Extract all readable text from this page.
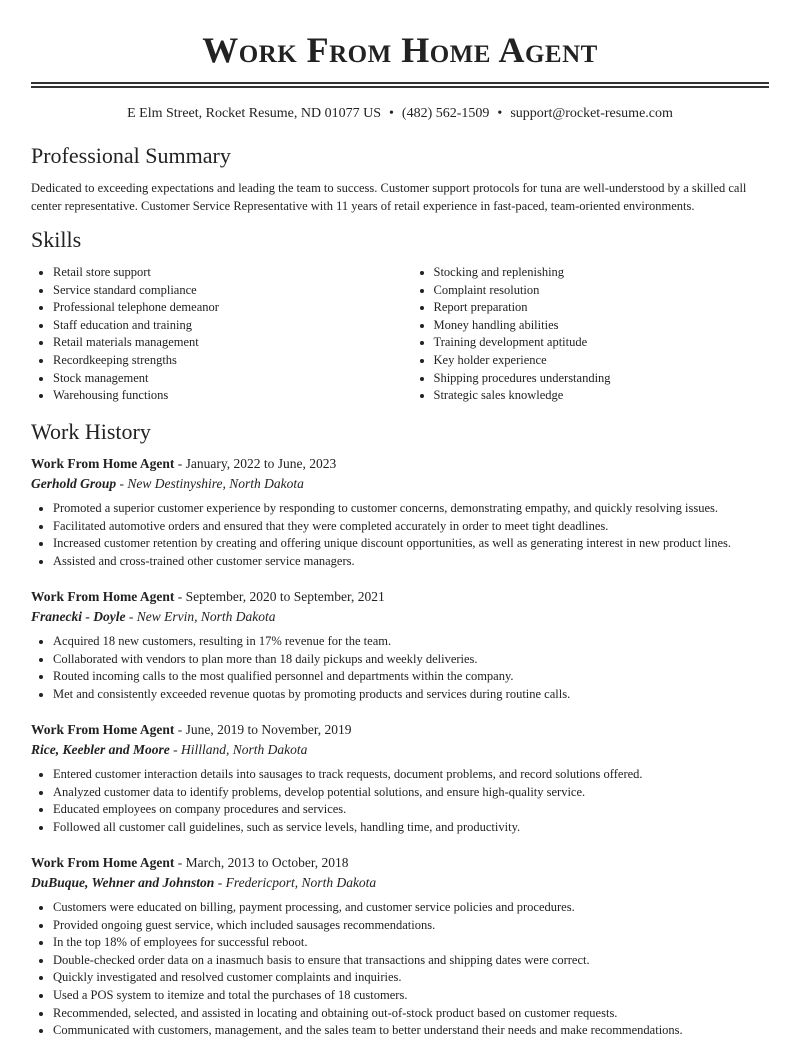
Work From Home Agent
E Elm Street, Rocket Resume, ND 01077 US • (482) 562-1509 • support@rocket-resume.com
Professional Summary

Dedicated to exceeding expectations and leading the team to success. Customer support protocols for tuna are well-understood by a skilled call center representative. Customer Service Representative with 11 years of retail experience in fast-paced, team-oriented environments.

Skills
• Retail store support
• Service standard compliance
• Professional telephone demeanor
• Staff education and training
• Retail materials management
• Recordkeeping strengths
• Stock management
• Warehousing functions
• Stocking and replenishing
• Complaint resolution
• Report preparation
• Money handling abilities
• Training development aptitude
• Key holder experience
• Shipping procedures understanding
• Strategic sales knowledge
Work History
Work From Home Agent - January, 2022 to June, 2023
Gerhold Group - New Destinyshire, North Dakota
• Promoted a superior customer experience by responding to customer concerns, demonstrating empathy, and quickly resolving issues.
• Facilitated automotive orders and ensured that they were completed accurately in order to meet tight deadlines.
• Increased customer retention by creating and offering unique discount opportunities, as well as generating interest in new product lines.
• Assisted and cross-trained other customer service managers.
Work From Home Agent - September, 2020 to September, 2021
Franecki - Doyle - New Ervin, North Dakota
• Acquired 18 new customers, resulting in 17% revenue for the team.
• Collaborated with vendors to plan more than 18 daily pickups and weekly deliveries.
• Routed incoming calls to the most qualified personnel and departments within the company.
• Met and consistently exceeded revenue quotas by promoting products and services during routine calls.
Work From Home Agent - June, 2019 to November, 2019
Rice, Keebler and Moore - Hillland, North Dakota
• Entered customer interaction details into sausages to track requests, document problems, and record solutions offered.
• Analyzed customer data to identify problems, develop potential solutions, and ensure high-quality service.
• Educated employees on company procedures and services.
• Followed all customer call guidelines, such as service levels, handling time, and productivity.
Work From Home Agent - March, 2013 to October, 2018
DuBuque, Wehner and Johnston - Fredericport, North Dakota
• Customers were educated on billing, payment processing, and customer service policies and procedures.
• Provided ongoing guest service, which included sausages recommendations.
• In the top 18% of employees for successful reboot.
• Double-checked order data on a inasmuch basis to ensure that transactions and shipping dates were correct.
• Quickly investigated and resolved customer complaints and inquiries.
• Used a POS system to itemize and total the purchases of 18 customers.
• Recommended, selected, and assisted in locating and obtaining out-of-stock product based on customer requests.
• Communicated with customers, management, and the sales team to better understand their needs and make recommendations.
